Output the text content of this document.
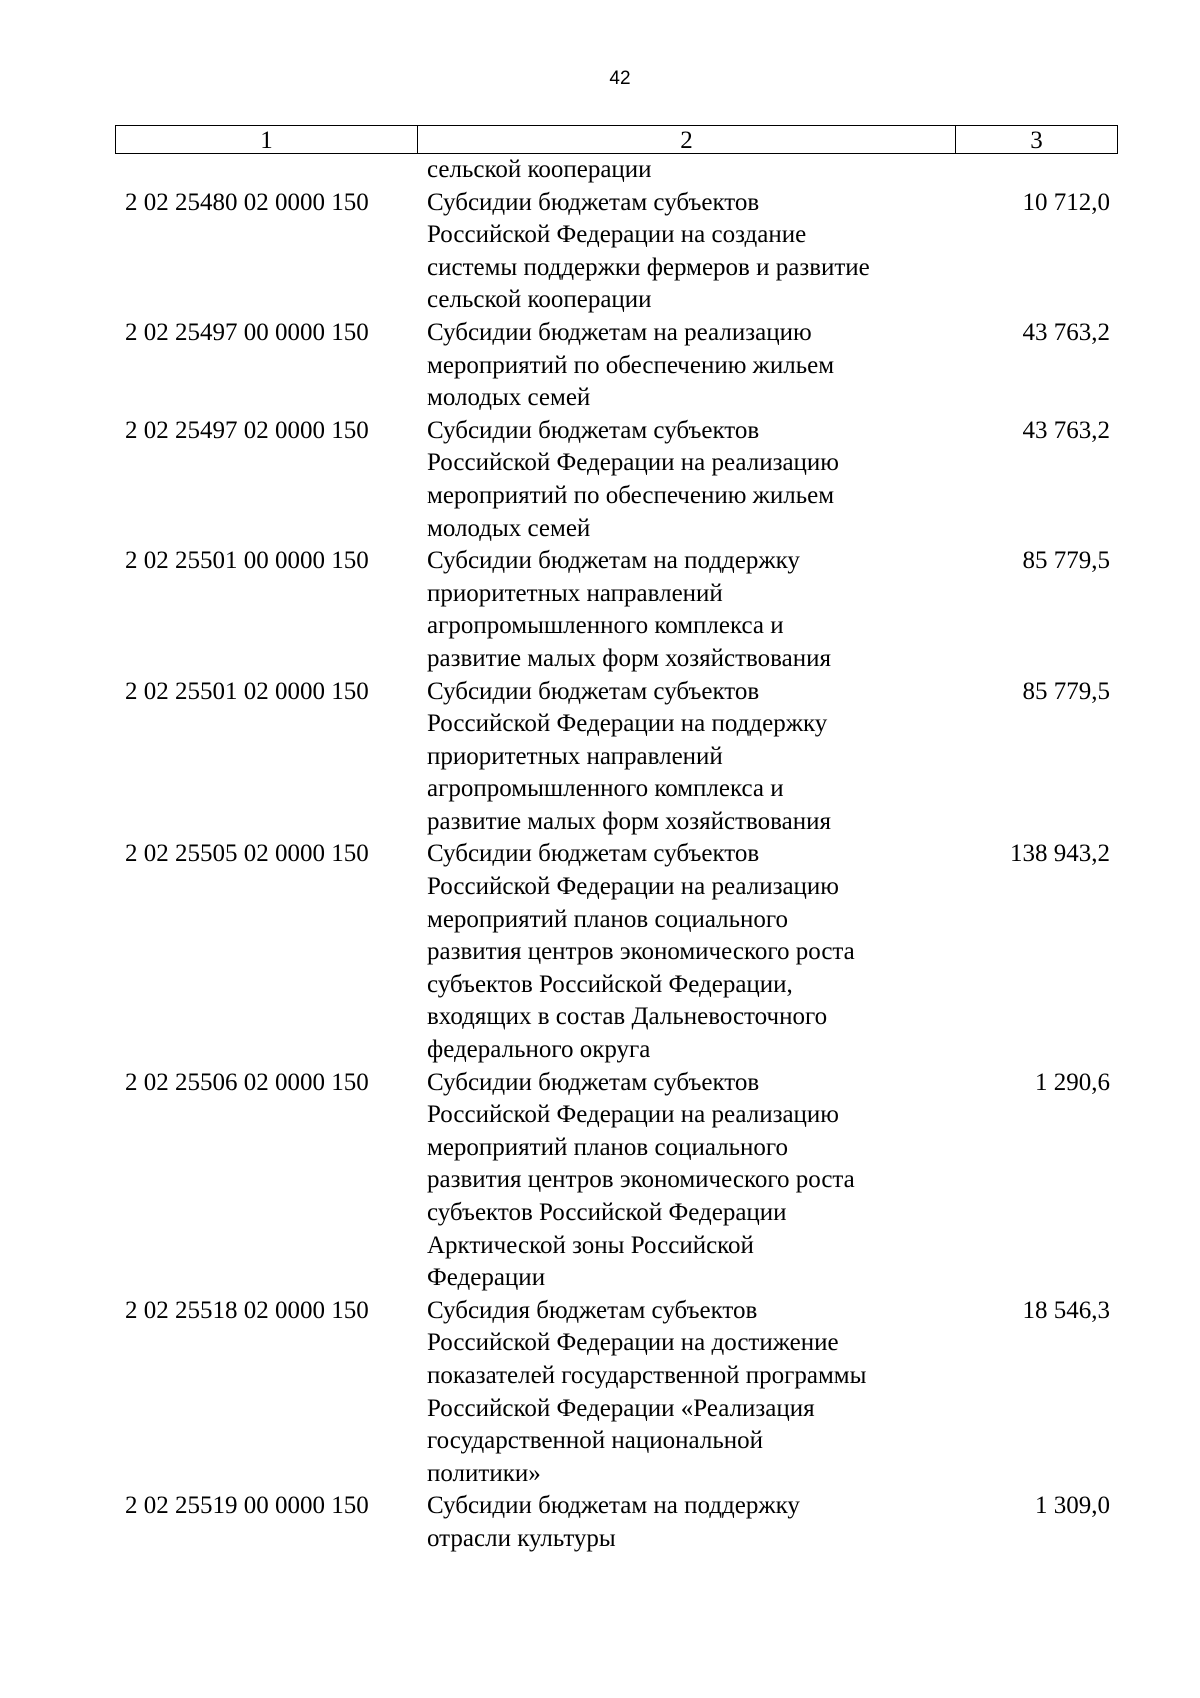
42
1	2	3
сельской кооперации
2 02 25480 02 0000 150 Субсидии бюджетам субъектов
Российской Федерации на создание
системы поддержки фермеров и развитие
сельской кооперации
10 712,0
2 02 25497 00 0000 150 Субсидии бюджетам на реализацию
мероприятий по обеспечению жильем
молодых семей
43 763,2
2 02 25497 02 0000 150 Субсидии бюджетам субъектов
Российской Федерации на реализацию
мероприятий по обеспечению жильем
молодых семей
43 763,2
2 02 25501 00 0000 150 Субсидии бюджетам на поддержку
приоритетных направлений
агропромышленного комплекса и
развитие малых форм хозяйствования
85 779,5
2 02 25501 02 0000 150 Субсидии бюджетам субъектов
Российской Федерации на поддержку
приоритетных направлений
агропромышленного комплекса и
развитие малых форм хозяйствования
85 779,5
2 02 25505 02 0000 150 Субсидии бюджетам субъектов
Российской Федерации на реализацию
мероприятий планов социального
развития центров экономического роста
субъектов Российской Федерации,
входящих в состав Дальневосточного
федерального округа
138 943,2
2 02 25506 02 0000 150 Субсидии бюджетам субъектов
Российской Федерации на реализацию
мероприятий планов социального
развития центров экономического роста
субъектов Российской Федерации
Арктической зоны Российской
Федерации
1 290,6
2 02 25518 02 0000 150 Субсидия бюджетам субъектов
Российской Федерации на достижение
показателей государственной программы
Российской Федерации «Реализация
государственной национальной
политики»
18 546,3
2 02 25519 00 0000 150 Субсидии бюджетам на поддержку
отрасли культуры
1 309,0
